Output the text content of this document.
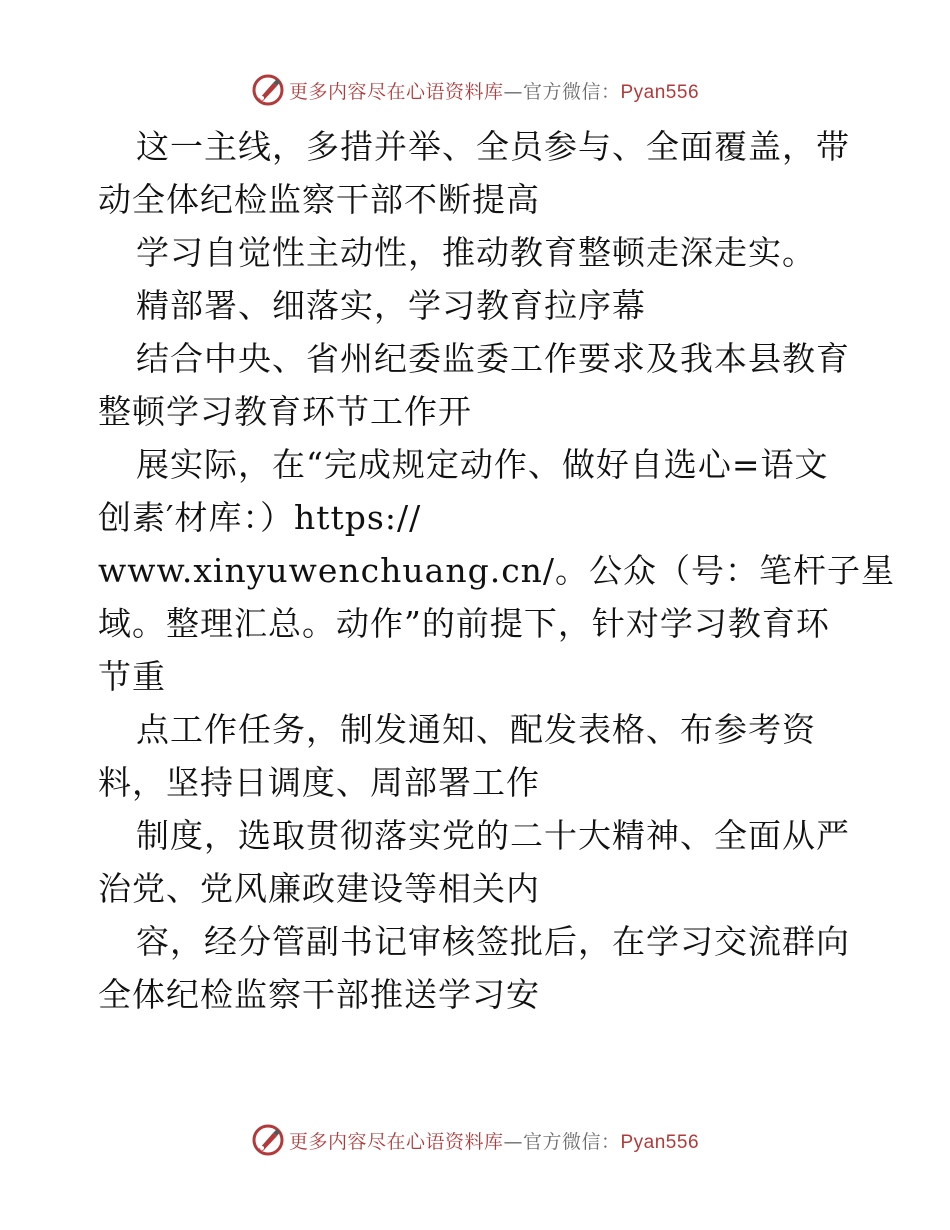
更多内容尽在心语资料库—官方微信：Pyan556
这一主线，多措并举、全员参与、全面覆盖，带
动全体纪检监察干部不断提高
学习自觉性主动性，推动教育整顿走深走实。
精部署、细落实，学习教育拉序幕
结合中央、省州纪委监委工作要求及我本县教育
整顿学习教育环节工作开
展实际，在“完成规定动作、做好自选心=语文
创素′材库：）https://
www.xinyuwenchuang.cn/。公众（号：笔杆子星
域。整理汇总。动作”的前提下，针对学习教育环
节重
点工作任务，制发通知、配发表格、布参考资
料，坚持日调度、周部署工作
制度，选取贯彻落实党的二十大精神、全面从严
治党、党风廉政建设等相关内
容，经分管副书记审核签批后，在学习交流群向
全体纪检监察干部推送学习安
更多内容尽在心语资料库—官方微信：Pyan556
